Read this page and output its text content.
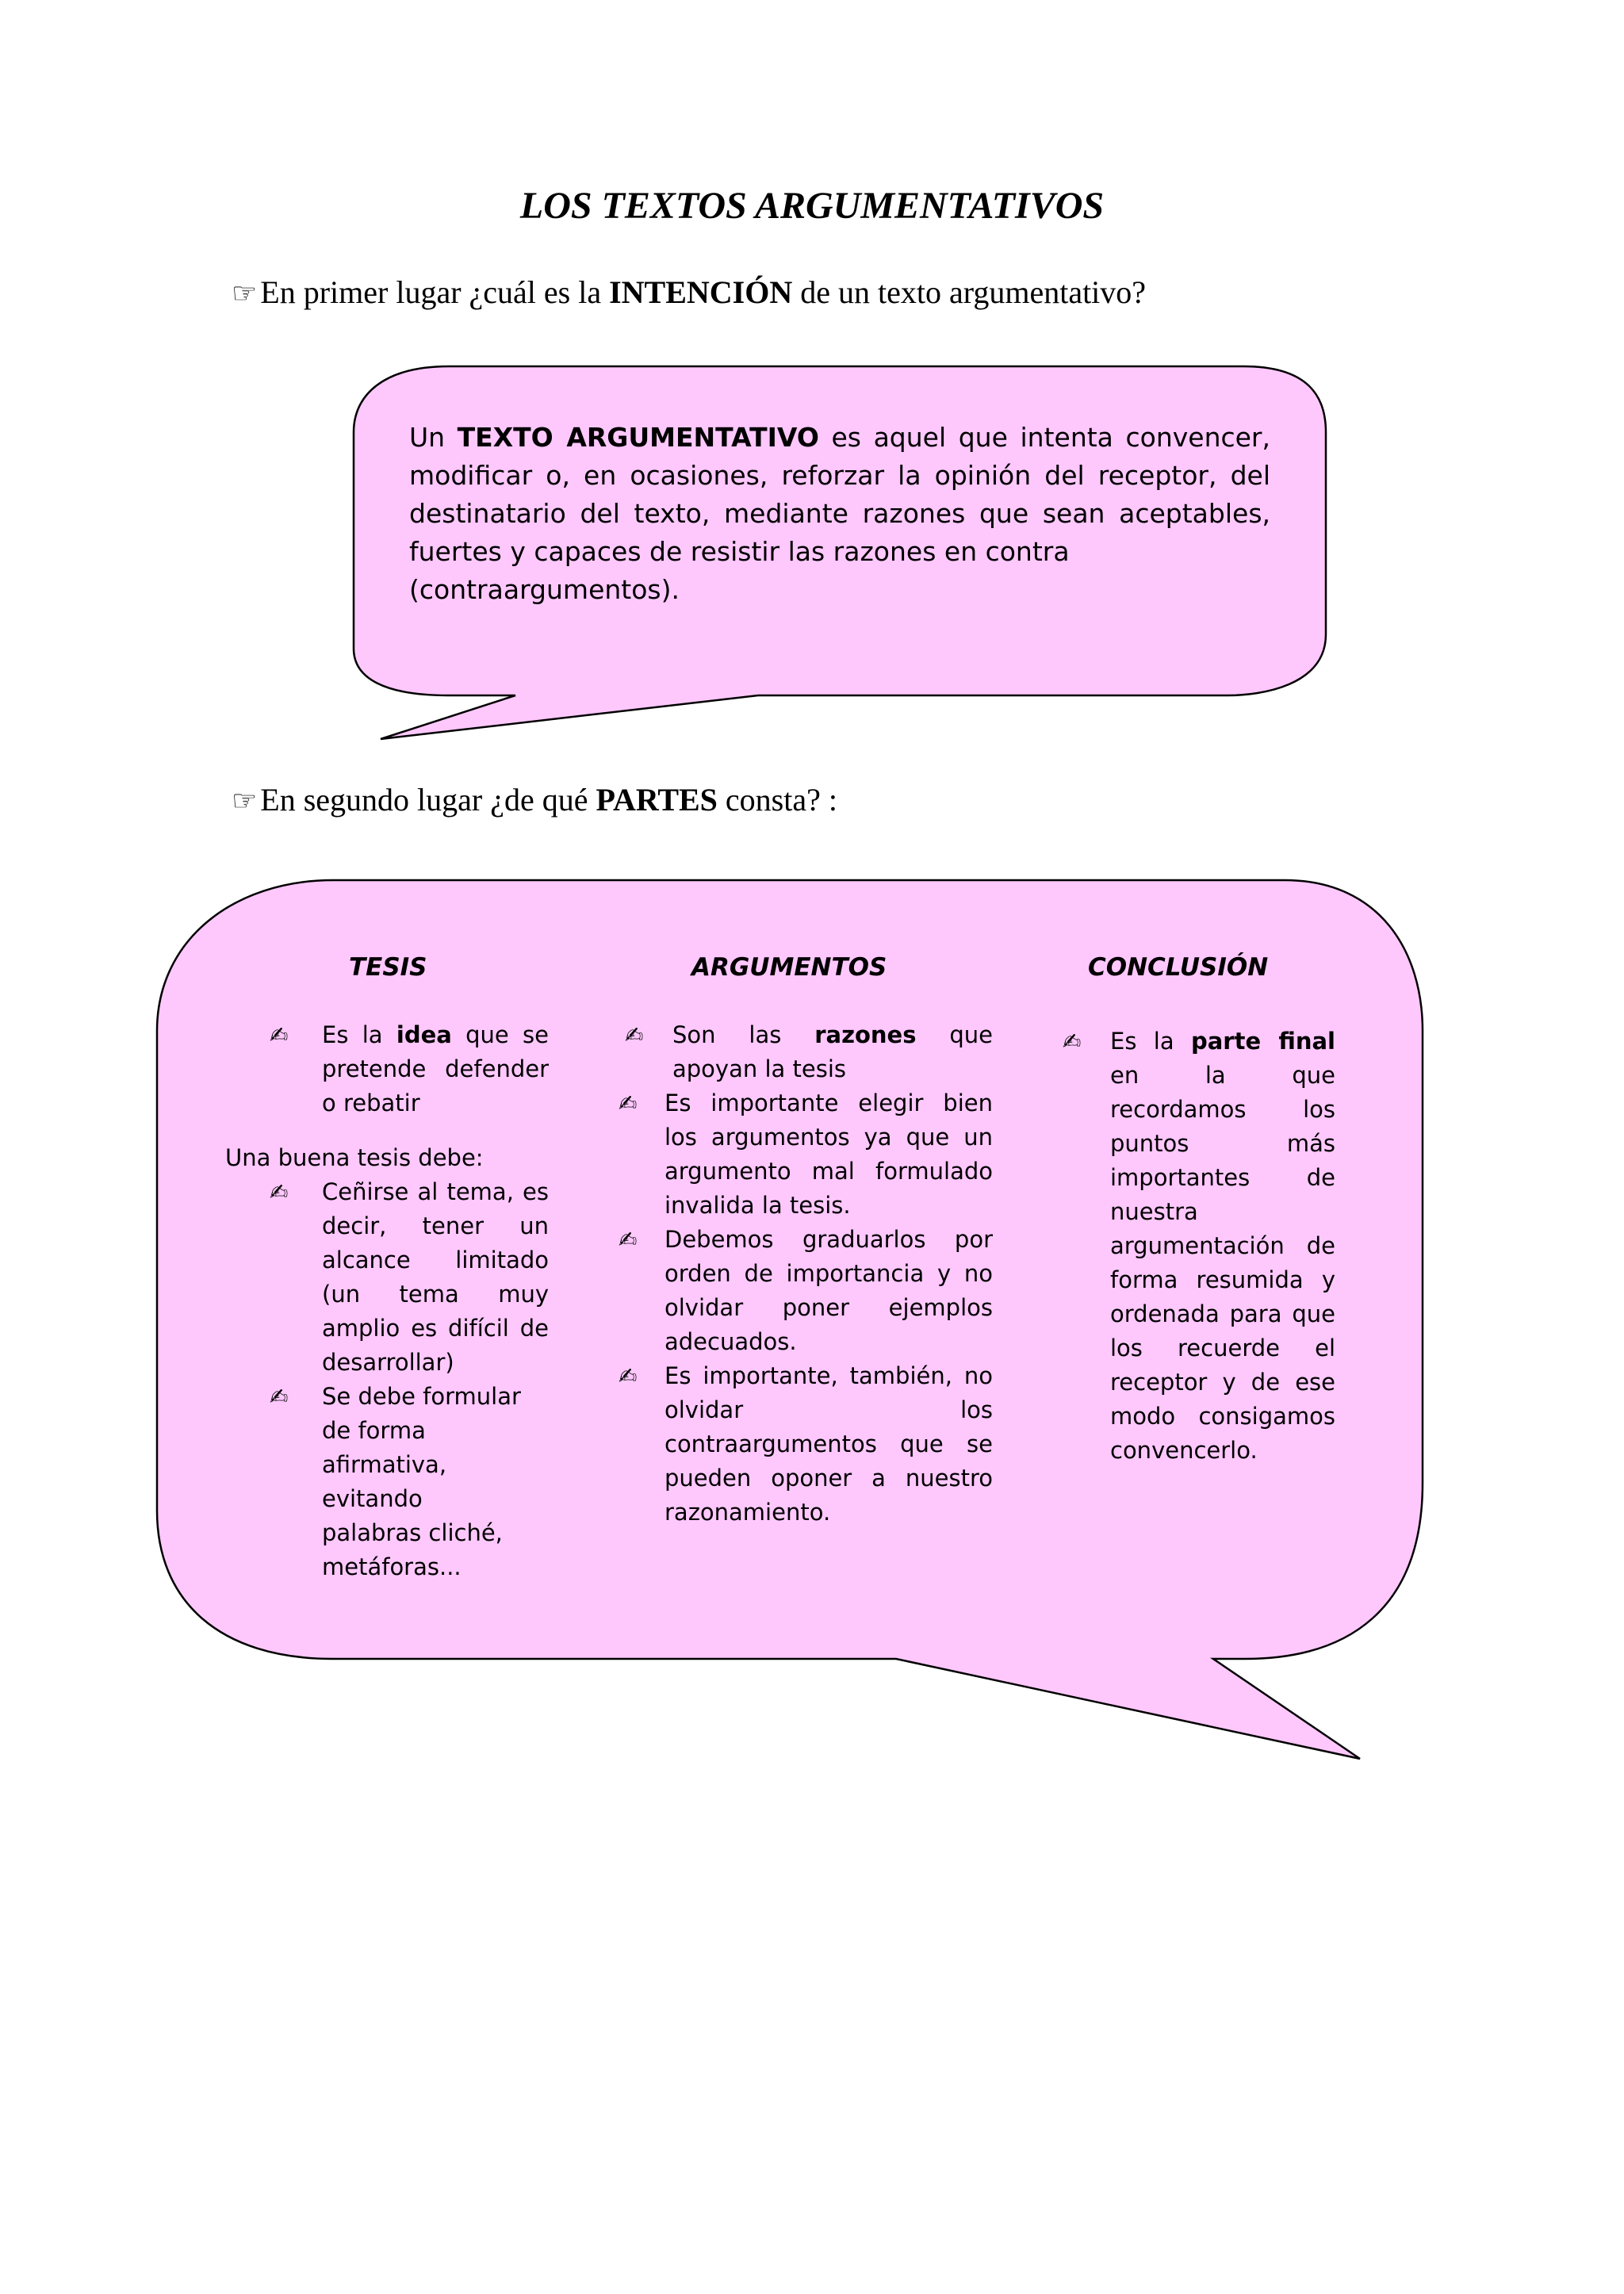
LOS TEXTOS ARGUMENTATIVOS
☞ En primer lugar ¿cuál es la INTENCIÓN de un texto argumentativo?
Un TEXTO ARGUMENTATIVO es aquel que intenta convencer, modificar o, en ocasiones, reforzar la opinión del receptor, del destinatario del texto, mediante razones que sean aceptables, fuertes y capaces de resistir las razones en contra
(contraargumentos).
☞ En segundo lugar ¿de qué PARTES consta? :
TESIS	ARGUMENTOS	CONCLUSIÓN
✍ Es la idea que se pretende defender o rebatir
Una buena tesis debe:
✍ Ceñirse al tema, es decir, tener un alcance limitado (un tema muy amplio es difícil de desarrollar)
✍ Se debe formular de forma afirmativa, evitando palabras cliché, metáforas...
✍ Son las razones que apoyan la tesis
✍ Es importante elegir bien los argumentos ya que un argumento mal formulado invalida la tesis.
✍ Debemos graduarlos por orden de importancia y no olvidar poner ejemplos adecuados.
✍ Es importante, también, no olvidar los contraargumentos que se pueden oponer a nuestro razonamiento.
✍ Es la parte final en la que recordamos los puntos más importantes de nuestra argumentación de forma resumida y ordenada para que los recuerde el receptor y de ese modo consigamos convencerlo.
